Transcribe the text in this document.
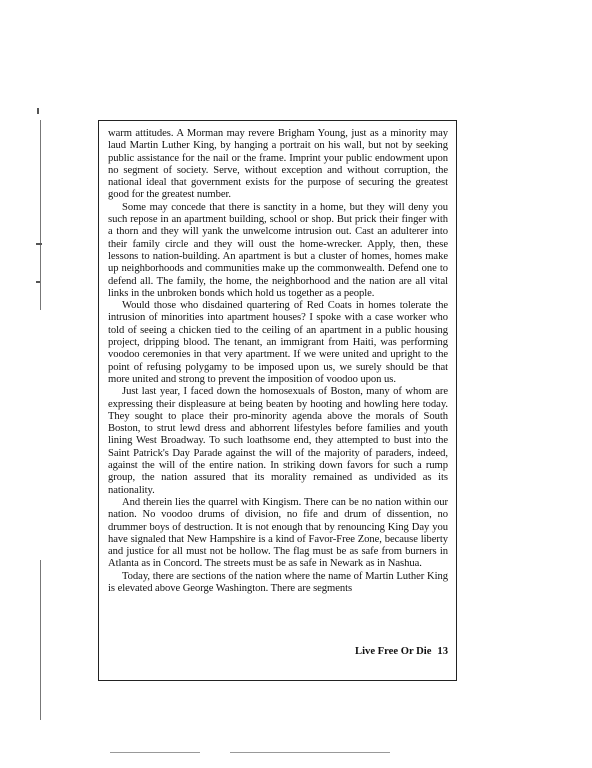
warm attitudes. A Morman may revere Brigham Young, just as a minority may laud Martin Luther King, by hanging a portrait on his wall, but not by seeking public assistance for the nail or the frame. Imprint your public endowment upon no segment of society. Serve, without exception and without corruption, the national ideal that government exists for the purpose of securing the greatest good for the greatest number.

Some may concede that there is sanctity in a home, but they will deny you such repose in an apartment building, school or shop. But prick their finger with a thorn and they will yank the unwelcome intrusion out. Cast an adulterer into their family circle and they will oust the home-wrecker. Apply, then, these lessons to nation-building. An apartment is but a cluster of homes, homes make up neighborhoods and communities make up the commonwealth. Defend one to defend all. The family, the home, the neighborhood and the nation are all vital links in the unbroken bonds which hold us together as a people.

Would those who disdained quartering of Red Coats in homes tolerate the intrusion of minorities into apartment houses? I spoke with a case worker who told of seeing a chicken tied to the ceiling of an apartment in a public housing project, dripping blood. The tenant, an immigrant from Haiti, was performing voodoo ceremonies in that very apartment. If we were united and upright to the point of refusing polygamy to be imposed upon us, we surely should be that more united and strong to prevent the imposition of voodoo upon us.

Just last year, I faced down the homosexuals of Boston, many of whom are expressing their displeasure at being beaten by hooting and howling here today. They sought to place their pro-minority agenda above the morals of South Boston, to strut lewd dress and abhorrent lifestyles before families and youth lining West Broadway. To such loathsome end, they attempted to bust into the Saint Patrick's Day Parade against the will of the majority of paraders, indeed, against the will of the entire nation. In striking down favors for such a rump group, the nation assured that its morality remained as undivided as its nationality.

And therein lies the quarrel with Kingism. There can be no nation within our nation. No voodoo drums of division, no fife and drum of dissention, no drummer boys of destruction. It is not enough that by renouncing King Day you have signaled that New Hampshire is a kind of Favor-Free Zone, because liberty and justice for all must not be hollow. The flag must be as safe from burners in Atlanta as in Concord. The streets must be as safe in Newark as in Nashua.

Today, there are sections of the nation where the name of Martin Luther King is elevated above George Washington. There are segments

Live Free Or Die 13
